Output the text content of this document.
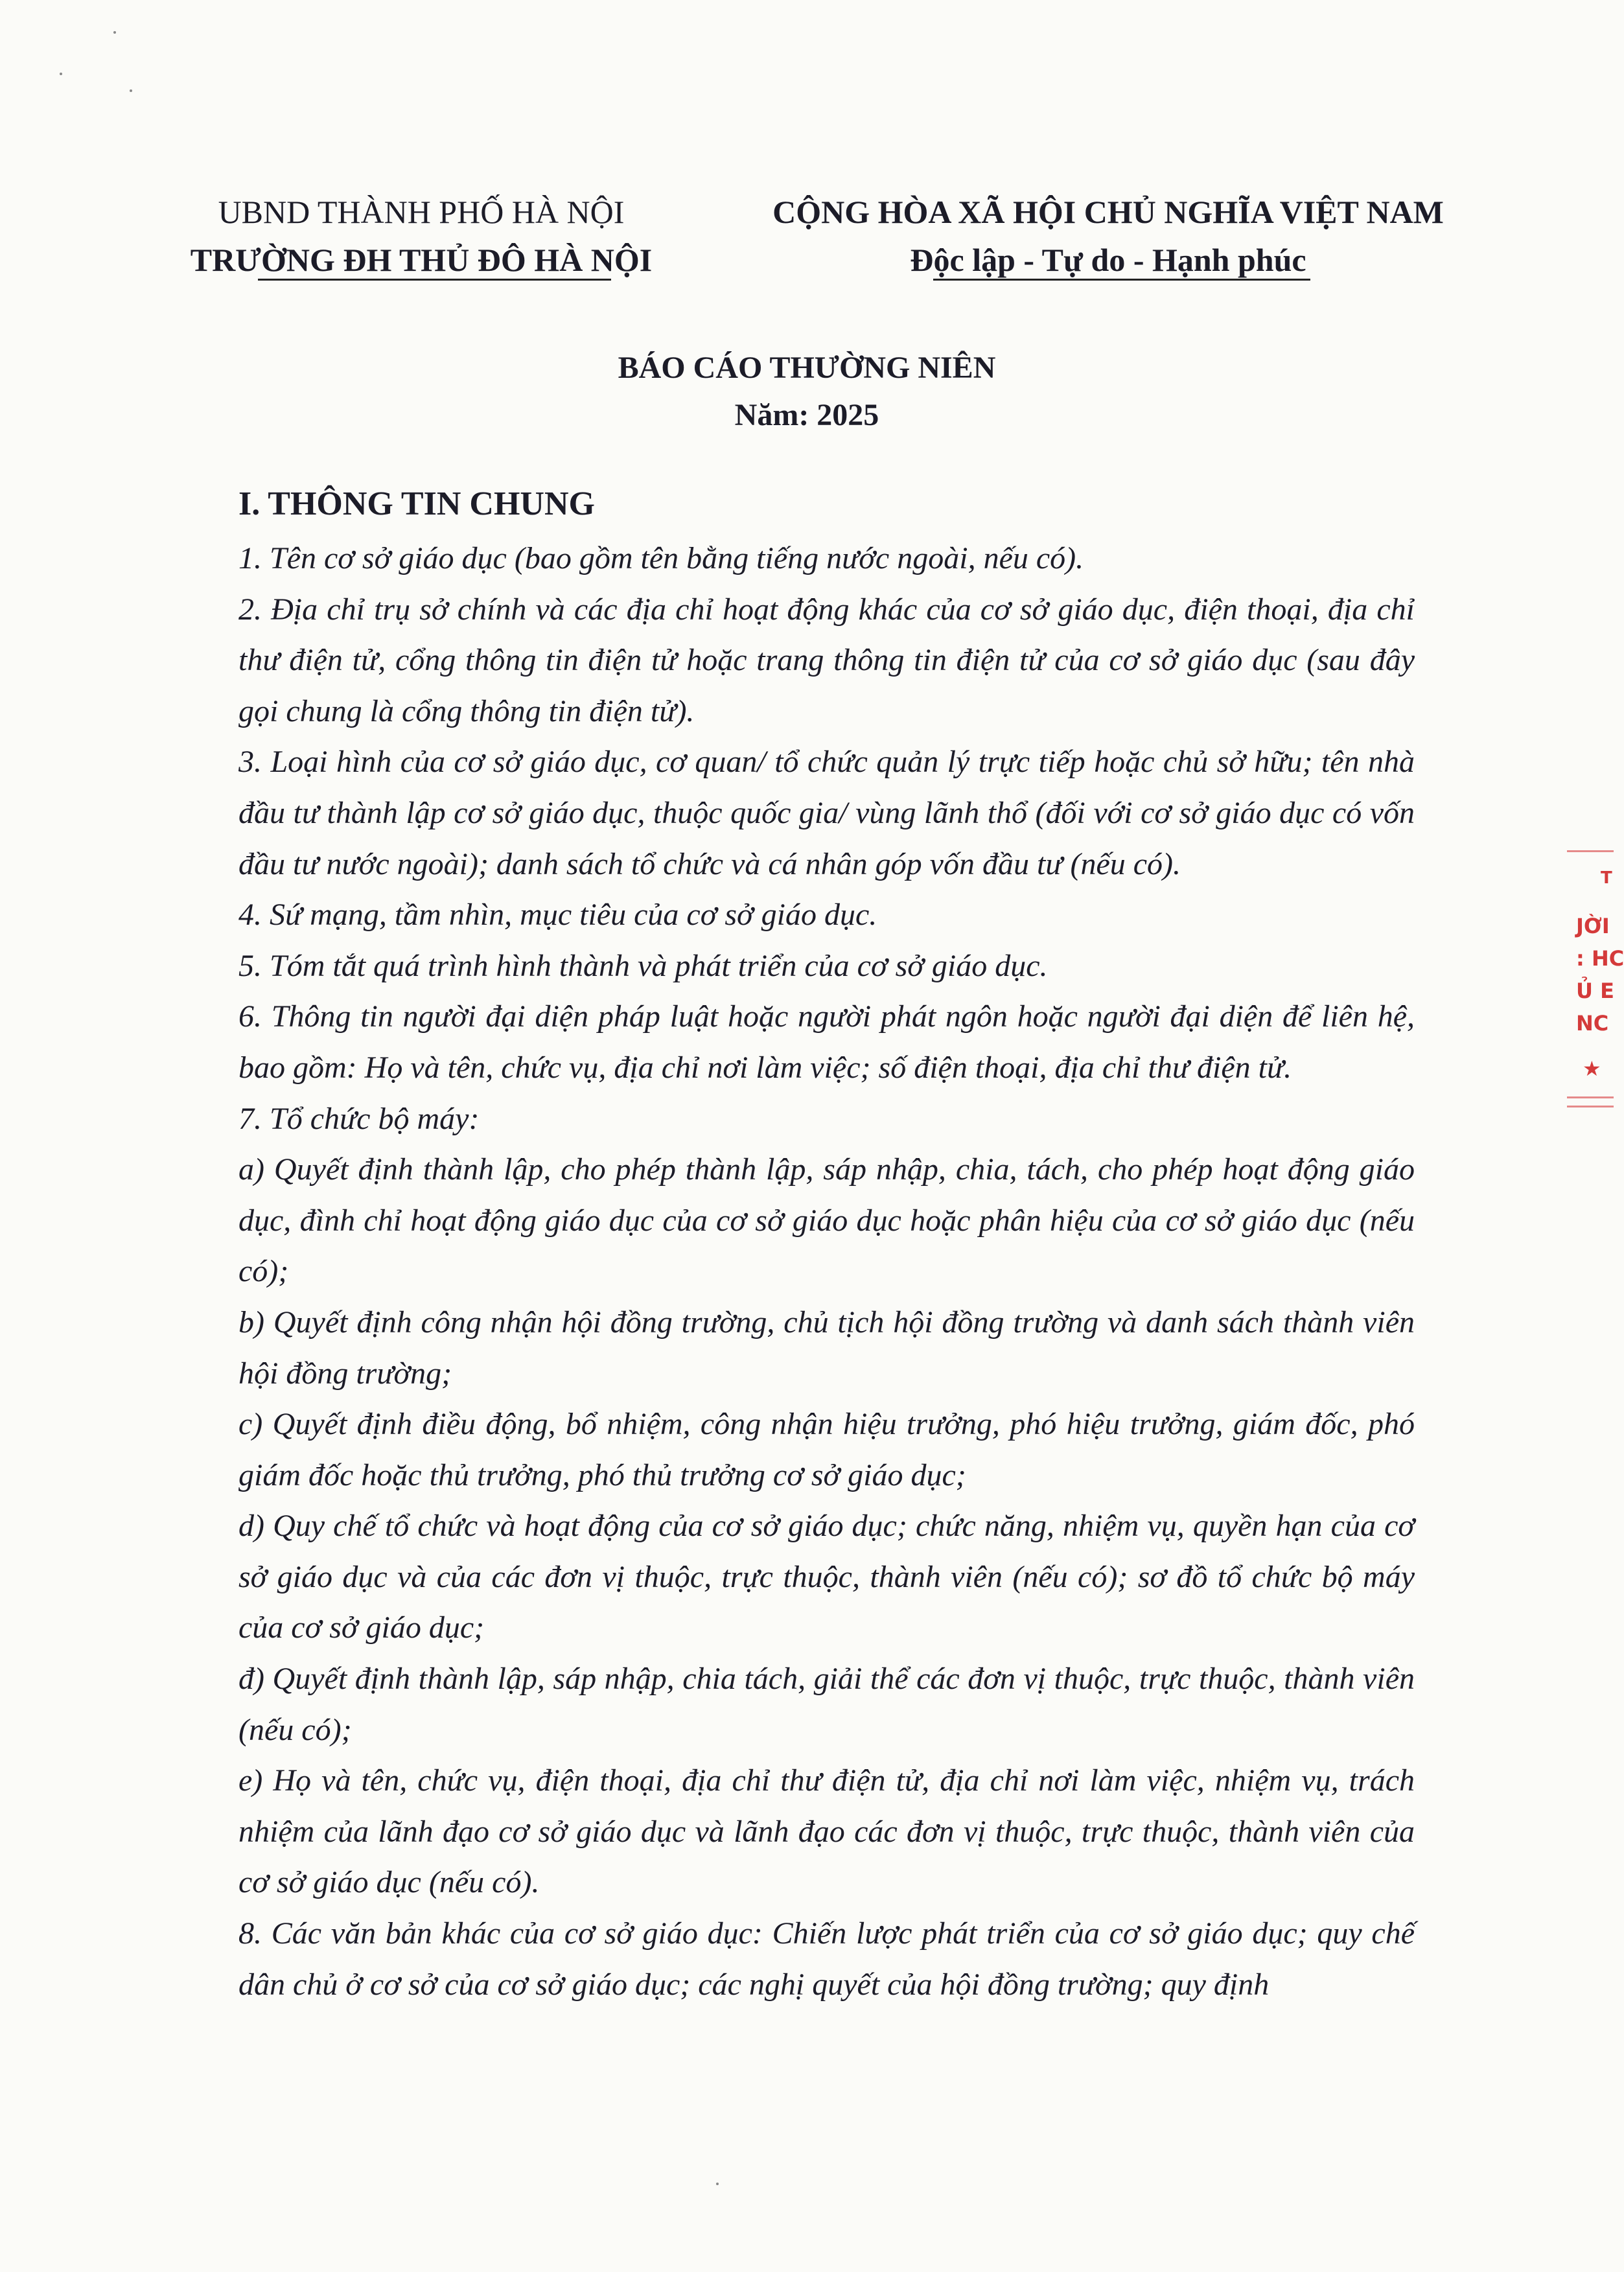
UBND THÀNH PHỐ HÀ NỘI
TRƯỜNG ĐH THỦ ĐÔ HÀ NỘI
CỘNG HÒA XÃ HỘI CHỦ NGHĨA VIỆT NAM
Độc lập - Tự do - Hạnh phúc
BÁO CÁO THƯỜNG NIÊN
Năm: 2025
I. THÔNG TIN CHUNG

1. Tên cơ sở giáo dục (bao gồm tên bằng tiếng nước ngoài, nếu có).

2. Địa chỉ trụ sở chính và các địa chỉ hoạt động khác của cơ sở giáo dục, điện thoại, địa chỉ thư điện tử, cổng thông tin điện tử hoặc trang thông tin điện tử của cơ sở giáo dục (sau đây gọi chung là cổng thông tin điện tử).

3. Loại hình của cơ sở giáo dục, cơ quan/ tổ chức quản lý trực tiếp hoặc chủ sở hữu; tên nhà đầu tư thành lập cơ sở giáo dục, thuộc quốc gia/ vùng lãnh thổ (đối với cơ sở giáo dục có vốn đầu tư nước ngoài); danh sách tổ chức và cá nhân góp vốn đầu tư (nếu có).

4. Sứ mạng, tầm nhìn, mục tiêu của cơ sở giáo dục.

5. Tóm tắt quá trình hình thành và phát triển của cơ sở giáo dục.

6. Thông tin người đại diện pháp luật hoặc người phát ngôn hoặc người đại diện để liên hệ, bao gồm: Họ và tên, chức vụ, địa chỉ nơi làm việc; số điện thoại, địa chỉ thư điện tử.

7. Tổ chức bộ máy:

a) Quyết định thành lập, cho phép thành lập, sáp nhập, chia, tách, cho phép hoạt động giáo dục, đình chỉ hoạt động giáo dục của cơ sở giáo dục hoặc phân hiệu của cơ sở giáo dục (nếu có);

b) Quyết định công nhận hội đồng trường, chủ tịch hội đồng trường và danh sách thành viên hội đồng trường;

c) Quyết định điều động, bổ nhiệm, công nhận hiệu trưởng, phó hiệu trưởng, giám đốc, phó giám đốc hoặc thủ trưởng, phó thủ trưởng cơ sở giáo dục;

d) Quy chế tổ chức và hoạt động của cơ sở giáo dục; chức năng, nhiệm vụ, quyền hạn của cơ sở giáo dục và của các đơn vị thuộc, trực thuộc, thành viên (nếu có); sơ đồ tổ chức bộ máy của cơ sở giáo dục;

đ) Quyết định thành lập, sáp nhập, chia tách, giải thể các đơn vị thuộc, trực thuộc, thành viên (nếu có);

e) Họ và tên, chức vụ, điện thoại, địa chỉ thư điện tử, địa chỉ nơi làm việc, nhiệm vụ, trách nhiệm của lãnh đạo cơ sở giáo dục và lãnh đạo các đơn vị thuộc, trực thuộc, thành viên của cơ sở giáo dục (nếu có).

8. Các văn bản khác của cơ sở giáo dục: Chiến lược phát triển của cơ sở giáo dục; quy chế dân chủ ở cơ sở của cơ sở giáo dục; các nghị quyết của hội đồng trường; quy định

T
JỜI
: HC
Ủ E
NC
★
